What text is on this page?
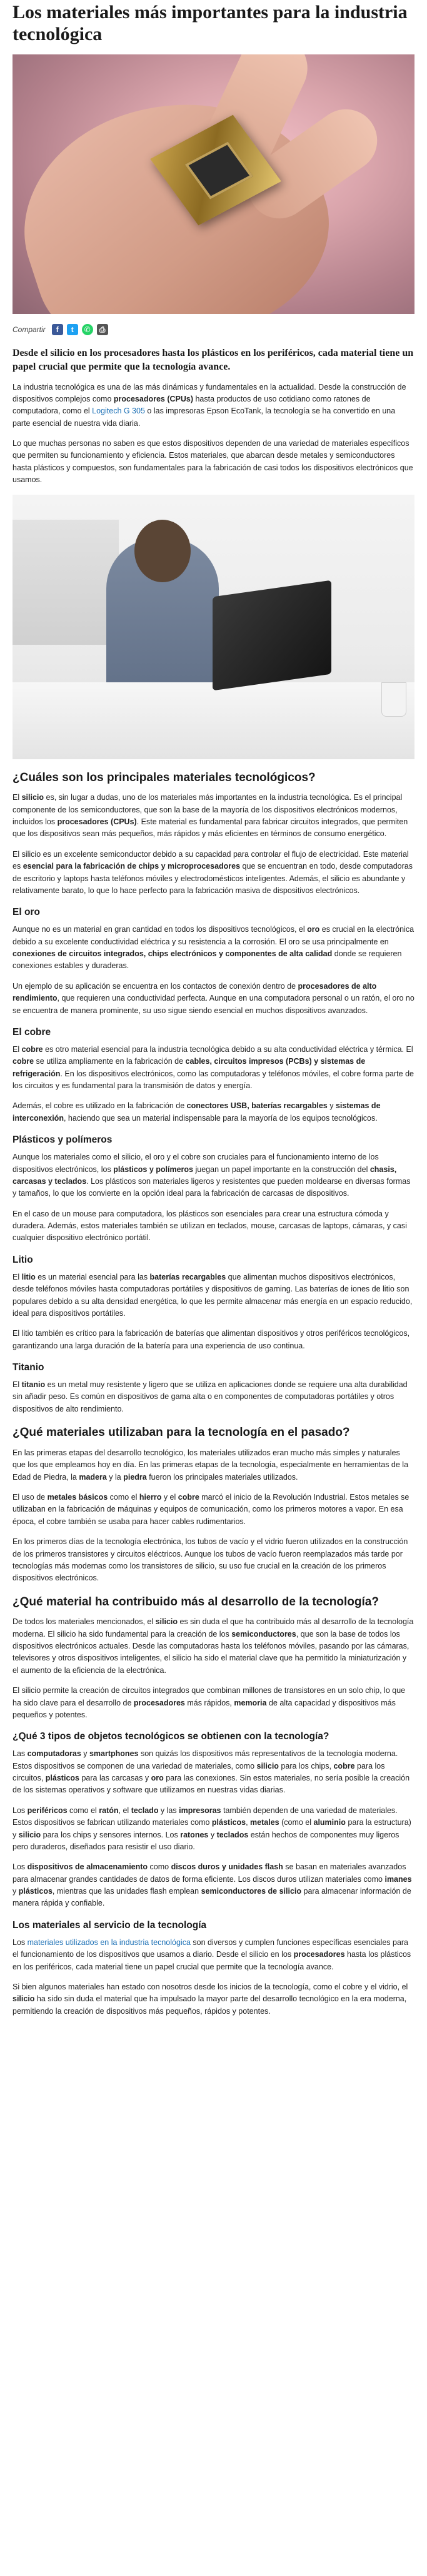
Los materiales más importantes para la industria tecnológica
Compartir	f	t	✆	⎙

Desde el silicio en los procesadores hasta los plásticos en los periféricos, cada material tiene un papel crucial que permite que la tecnología avance.

La industria tecnológica es una de las más dinámicas y fundamentales en la actualidad. Desde la construcción de dispositivos complejos como procesadores (CPUs) hasta productos de uso cotidiano como ratones de computadora, como el Logitech G 305 o las impresoras Epson EcoTank, la tecnología se ha convertido en una parte esencial de nuestra vida diaria.

Lo que muchas personas no saben es que estos dispositivos dependen de una variedad de materiales específicos que permiten su funcionamiento y eficiencia. Estos materiales, que abarcan desde metales y semiconductores hasta plásticos y compuestos, son fundamentales para la fabricación de casi todos los dispositivos electrónicos que usamos.

¿Cuáles son los principales materiales tecnológicos?

El silicio es, sin lugar a dudas, uno de los materiales más importantes en la industria tecnológica. Es el principal componente de los semiconductores, que son la base de la mayoría de los dispositivos electrónicos modernos, incluidos los procesadores (CPUs). Este material es fundamental para fabricar circuitos integrados, que permiten que los dispositivos sean más pequeños, más rápidos y más eficientes en términos de consumo energético.

El silicio es un excelente semiconductor debido a su capacidad para controlar el flujo de electricidad. Este material es esencial para la fabricación de chips y microprocesadores que se encuentran en todo, desde computadoras de escritorio y laptops hasta teléfonos móviles y electrodomésticos inteligentes. Además, el silicio es abundante y relativamente barato, lo que lo hace perfecto para la fabricación masiva de dispositivos electrónicos.

El oro

Aunque no es un material en gran cantidad en todos los dispositivos tecnológicos, el oro es crucial en la electrónica debido a su excelente conductividad eléctrica y su resistencia a la corrosión. El oro se usa principalmente en conexiones de circuitos integrados, chips electrónicos y componentes de alta calidad donde se requieren conexiones estables y duraderas.

Un ejemplo de su aplicación se encuentra en los contactos de conexión dentro de procesadores de alto rendimiento, que requieren una conductividad perfecta. Aunque en una computadora personal o un ratón, el oro no se encuentra de manera prominente, su uso sigue siendo esencial en muchos dispositivos avanzados.

El cobre

El cobre es otro material esencial para la industria tecnológica debido a su alta conductividad eléctrica y térmica. El cobre se utiliza ampliamente en la fabricación de cables, circuitos impresos (PCBs) y sistemas de refrigeración. En los dispositivos electrónicos, como las computadoras y teléfonos móviles, el cobre forma parte de los circuitos y es fundamental para la transmisión de datos y energía.

Además, el cobre es utilizado en la fabricación de conectores USB, baterías recargables y sistemas de interconexión, haciendo que sea un material indispensable para la mayoría de los equipos tecnológicos.

Plásticos y polímeros

Aunque los materiales como el silicio, el oro y el cobre son cruciales para el funcionamiento interno de los dispositivos electrónicos, los plásticos y polímeros juegan un papel importante en la construcción del chasis, carcasas y teclados. Los plásticos son materiales ligeros y resistentes que pueden moldearse en diversas formas y tamaños, lo que los convierte en la opción ideal para la fabricación de carcasas de dispositivos.

En el caso de un mouse para computadora, los plásticos son esenciales para crear una estructura cómoda y duradera. Además, estos materiales también se utilizan en teclados, mouse, carcasas de laptops, cámaras, y casi cualquier dispositivo electrónico portátil.

Litio

El litio es un material esencial para las baterías recargables que alimentan muchos dispositivos electrónicos, desde teléfonos móviles hasta computadoras portátiles y dispositivos de gaming. Las baterías de iones de litio son populares debido a su alta densidad energética, lo que les permite almacenar más energía en un espacio reducido, ideal para dispositivos portátiles.

El litio también es crítico para la fabricación de baterías que alimentan dispositivos y otros periféricos tecnológicos, garantizando una larga duración de la batería para una experiencia de uso continua.

Titanio

El titanio es un metal muy resistente y ligero que se utiliza en aplicaciones donde se requiere una alta durabilidad sin añadir peso. Es común en dispositivos de gama alta o en componentes de computadoras portátiles y otros dispositivos de alto rendimiento.

¿Qué materiales utilizaban para la tecnología en el pasado?

En las primeras etapas del desarrollo tecnológico, los materiales utilizados eran mucho más simples y naturales que los que empleamos hoy en día. En las primeras etapas de la tecnología, especialmente en herramientas de la Edad de Piedra, la madera y la piedra fueron los principales materiales utilizados.

El uso de metales básicos como el hierro y el cobre marcó el inicio de la Revolución Industrial. Estos metales se utilizaban en la fabricación de máquinas y equipos de comunicación, como los primeros motores a vapor. En esa época, el cobre también se usaba para hacer cables rudimentarios.

En los primeros días de la tecnología electrónica, los tubos de vacío y el vidrio fueron utilizados en la construcción de los primeros transistores y circuitos eléctricos. Aunque los tubos de vacío fueron reemplazados más tarde por tecnologías más modernas como los transistores de silicio, su uso fue crucial en la creación de los primeros dispositivos electrónicos.

¿Qué material ha contribuido más al desarrollo de la tecnología?

De todos los materiales mencionados, el silicio es sin duda el que ha contribuido más al desarrollo de la tecnología moderna. El silicio ha sido fundamental para la creación de los semiconductores, que son la base de todos los dispositivos electrónicos actuales. Desde las computadoras hasta los teléfonos móviles, pasando por las cámaras, televisores y otros dispositivos inteligentes, el silicio ha sido el material clave que ha permitido la miniaturización y el aumento de la eficiencia de la electrónica.

El silicio permite la creación de circuitos integrados que combinan millones de transistores en un solo chip, lo que ha sido clave para el desarrollo de procesadores más rápidos, memoria de alta capacidad y dispositivos más pequeños y potentes.

¿Qué 3 tipos de objetos tecnológicos se obtienen con la tecnología?

Las computadoras y smartphones son quizás los dispositivos más representativos de la tecnología moderna. Estos dispositivos se componen de una variedad de materiales, como silicio para los chips, cobre para los circuitos, plásticos para las carcasas y oro para las conexiones. Sin estos materiales, no sería posible la creación de los sistemas operativos y software que utilizamos en nuestras vidas diarias.

Los periféricos como el ratón, el teclado y las impresoras también dependen de una variedad de materiales. Estos dispositivos se fabrican utilizando materiales como plásticos, metales (como el aluminio para la estructura) y silicio para los chips y sensores internos. Los ratones y teclados están hechos de componentes muy ligeros pero duraderos, diseñados para resistir el uso diario.

Los dispositivos de almacenamiento como discos duros y unidades flash se basan en materiales avanzados para almacenar grandes cantidades de datos de forma eficiente. Los discos duros utilizan materiales como imanes y plásticos, mientras que las unidades flash emplean semiconductores de silicio para almacenar información de manera rápida y confiable.

Los materiales al servicio de la tecnología

Los materiales utilizados en la industria tecnológica son diversos y cumplen funciones específicas esenciales para el funcionamiento de los dispositivos que usamos a diario. Desde el silicio en los procesadores hasta los plásticos en los periféricos, cada material tiene un papel crucial que permite que la tecnología avance.

Si bien algunos materiales han estado con nosotros desde los inicios de la tecnología, como el cobre y el vidrio, el silicio ha sido sin duda el material que ha impulsado la mayor parte del desarrollo tecnológico en la era moderna, permitiendo la creación de dispositivos más pequeños, rápidos y potentes.
